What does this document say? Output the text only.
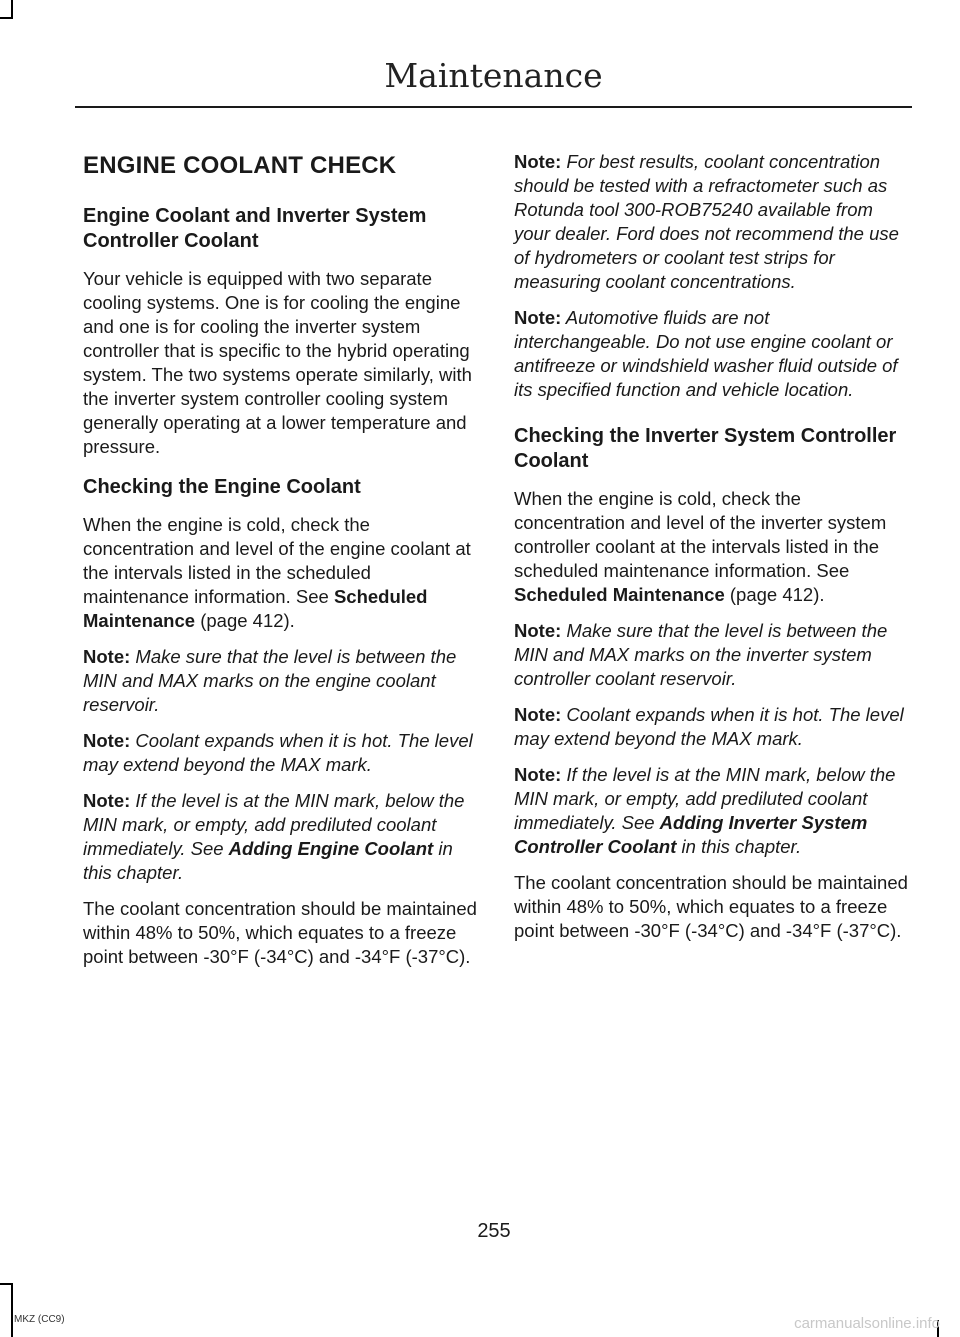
Maintenance
ENGINE COOLANT CHECK
Engine Coolant and Inverter System Controller Coolant

Your vehicle is equipped with two separate cooling systems. One is for cooling the engine and one is for cooling the inverter system controller that is specific to the hybrid operating system. The two systems operate similarly, with the inverter system controller cooling system generally operating at a lower temperature and pressure.

Checking the Engine Coolant

When the engine is cold, check the concentration and level of the engine coolant at the intervals listed in the scheduled maintenance information. See Scheduled Maintenance (page 412).

Note: Make sure that the level is between the MIN and MAX marks on the engine coolant reservoir.

Note: Coolant expands when it is hot. The level may extend beyond the MAX mark.

Note: If the level is at the MIN mark, below the MIN mark, or empty, add prediluted coolant immediately. See Adding Engine Coolant in this chapter.

The coolant concentration should be maintained within 48% to 50%, which equates to a freeze point between -30°F (-34°C) and -34°F (-37°C).

Note: For best results, coolant concentration should be tested with a refractometer such as Rotunda tool 300-ROB75240 available from your dealer. Ford does not recommend the use of hydrometers or coolant test strips for measuring coolant concentrations.

Note: Automotive fluids are not interchangeable. Do not use engine coolant or antifreeze or windshield washer fluid outside of its specified function and vehicle location.

Checking the Inverter System Controller Coolant

When the engine is cold, check the concentration and level of the inverter system controller coolant at the intervals listed in the scheduled maintenance information. See Scheduled Maintenance (page 412).

Note: Make sure that the level is between the MIN and MAX marks on the inverter system controller coolant reservoir.

Note: Coolant expands when it is hot. The level may extend beyond the MAX mark.

Note: If the level is at the MIN mark, below the MIN mark, or empty, add prediluted coolant immediately. See Adding Inverter System Controller Coolant in this chapter.

The coolant concentration should be maintained within 48% to 50%, which equates to a freeze point between -30°F (-34°C) and -34°F (-37°C).

255
MKZ (CC9)	carmanualsonline.info
